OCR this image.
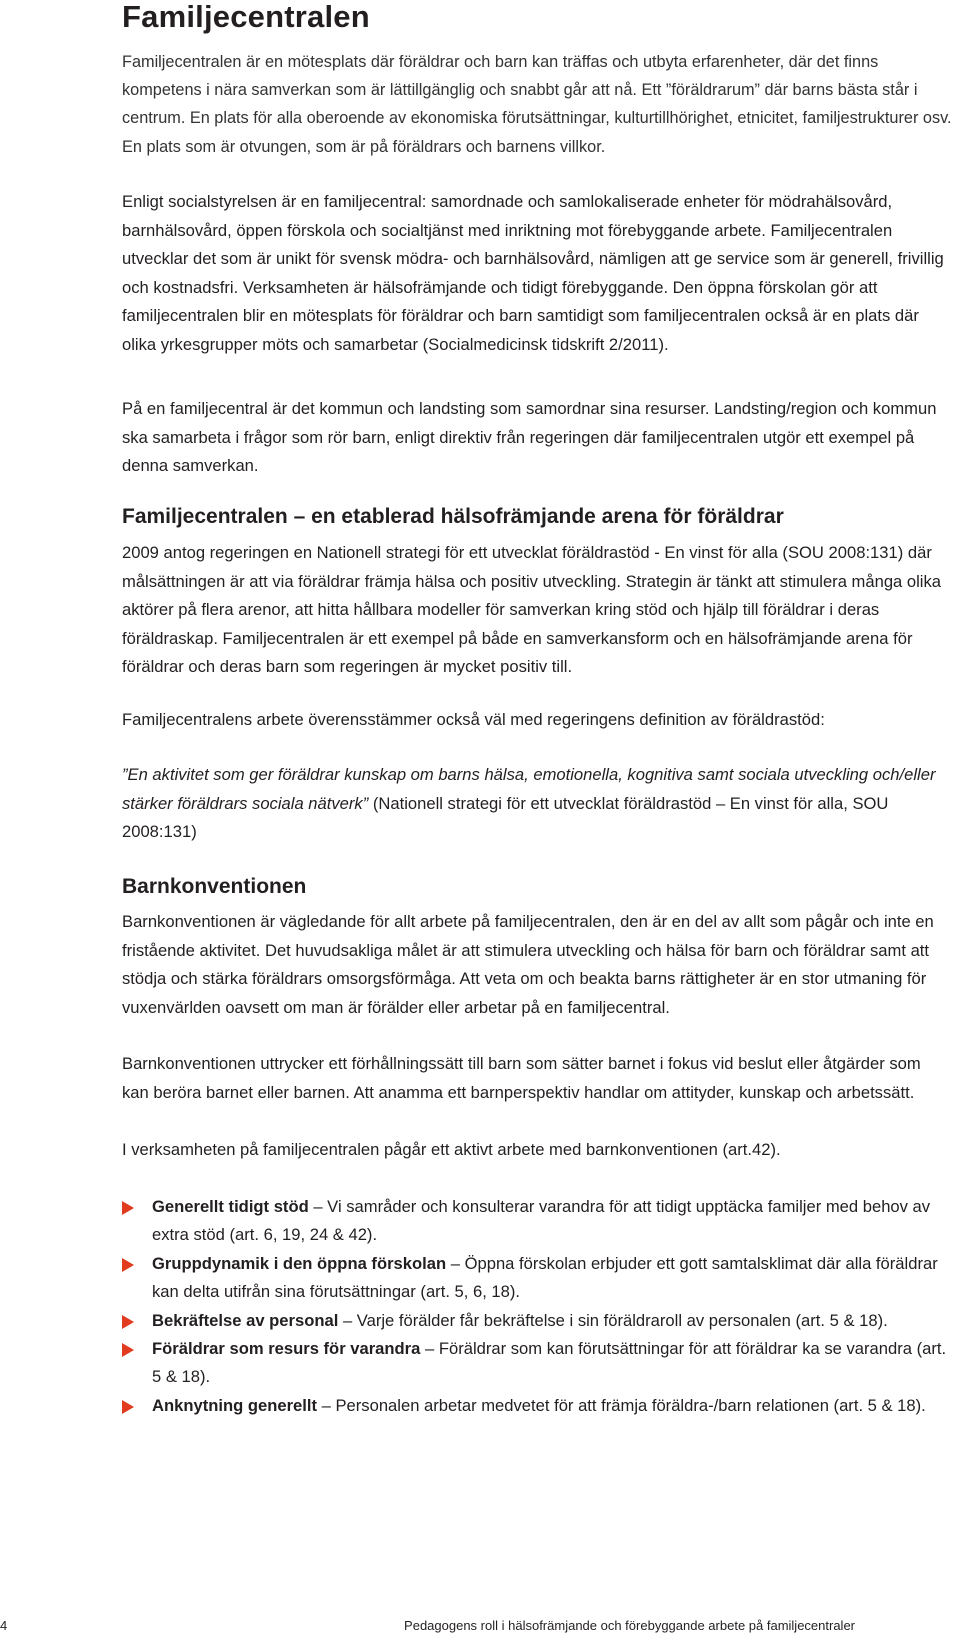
Familjecentralen

Familjecentralen är en mötesplats där föräldrar och barn kan träffas och utbyta erfarenheter, där det finns kompetens i nära samverkan som är lättillgänglig och snabbt går att nå. Ett ”föräldrarum” där barns bästa står i centrum. En plats för alla oberoende av ekonomiska förutsättningar, kulturtillhörighet, etnicitet, familjestrukturer osv. En plats som är otvungen, som är på föräldrars och barnens villkor.

Enligt socialstyrelsen är en familjecentral: samordnade och samlokaliserade enheter för mödrahälsovård, barnhälsovård, öppen förskola och socialtjänst med inriktning mot förebyggande arbete. Familjecentralen utvecklar det som är unikt för svensk mödra- och barnhälsovård, nämligen att ge service som är generell, frivillig och kostnadsfri. Verksamheten är hälsofrämjande och tidigt förebyggande. Den öppna förskolan gör att familjecentralen blir en mötesplats för föräldrar och barn samtidigt som familjecentralen också är en plats där olika yrkesgrupper möts och samarbetar (Socialmedicinsk tidskrift 2/2011).

På en familjecentral är det kommun och landsting som samordnar sina resurser. Landsting/region och kommun ska samarbeta i frågor som rör barn, enligt direktiv från regeringen där familjecentralen utgör ett exempel på denna samverkan.

Familjecentralen – en etablerad hälsofrämjande arena för föräldrar

2009 antog regeringen en Nationell strategi för ett utvecklat föräldrastöd - En vinst för alla (SOU 2008:131) där målsättningen är att via föräldrar främja hälsa och positiv utveckling. Strategin är tänkt att stimulera många olika aktörer på flera arenor, att hitta hållbara modeller för samverkan kring stöd och hjälp till föräldrar i deras föräldraskap. Familjecentralen är ett exempel på både en samverkansform och en hälsofrämjande arena för föräldrar och deras barn som regeringen är mycket positiv till.

Familjecentralens arbete överensstämmer också väl med regeringens definition av föräldrastöd:

”En aktivitet som ger föräldrar kunskap om barns hälsa, emotionella, kognitiva samt sociala utveckling och/eller stärker föräldrars sociala nätverk” (Nationell strategi för ett utvecklat föräldrastöd – En vinst för alla, SOU 2008:131)

Barnkonventionen

Barnkonventionen är vägledande för allt arbete på familjecentralen, den är en del av allt som pågår och inte en fristående aktivitet. Det huvudsakliga målet är att stimulera utveckling och hälsa för barn och föräldrar samt att stödja och stärka föräldrars omsorgsförmåga. Att veta om och beakta barns rättigheter är en stor utmaning för vuxenvärlden oavsett om man är förälder eller arbetar på en familjecentral.

Barnkonventionen uttrycker ett förhållningssätt till barn som sätter barnet i fokus vid beslut eller åtgärder som kan beröra barnet eller barnen. Att anamma ett barnperspektiv handlar om attityder, kunskap och arbetssätt.

I verksamheten på familjecentralen pågår ett aktivt arbete med barnkonventionen (art.42).

Generellt tidigt stöd – Vi samråder och konsulterar varandra för att tidigt upptäcka familjer med behov av extra stöd (art. 6, 19, 24 & 42).
Gruppdynamik i den öppna förskolan – Öppna förskolan erbjuder ett gott samtalsklimat där alla föräldrar kan delta utifrån sina förutsättningar (art. 5, 6, 18).
Bekräftelse av personal – Varje förälder får bekräftelse i sin föräldraroll av personalen (art. 5 & 18).
Föräldrar som resurs för varandra – Föräldrar som kan förutsättningar för att föräldrar ka se varandra (art. 5 & 18).
Anknytning generellt – Personalen arbetar medvetet för att främja föräldra-/barn relationen (art. 5 & 18).
4	Pedagogens roll i hälsofrämjande och förebyggande arbete på familjecentraler
